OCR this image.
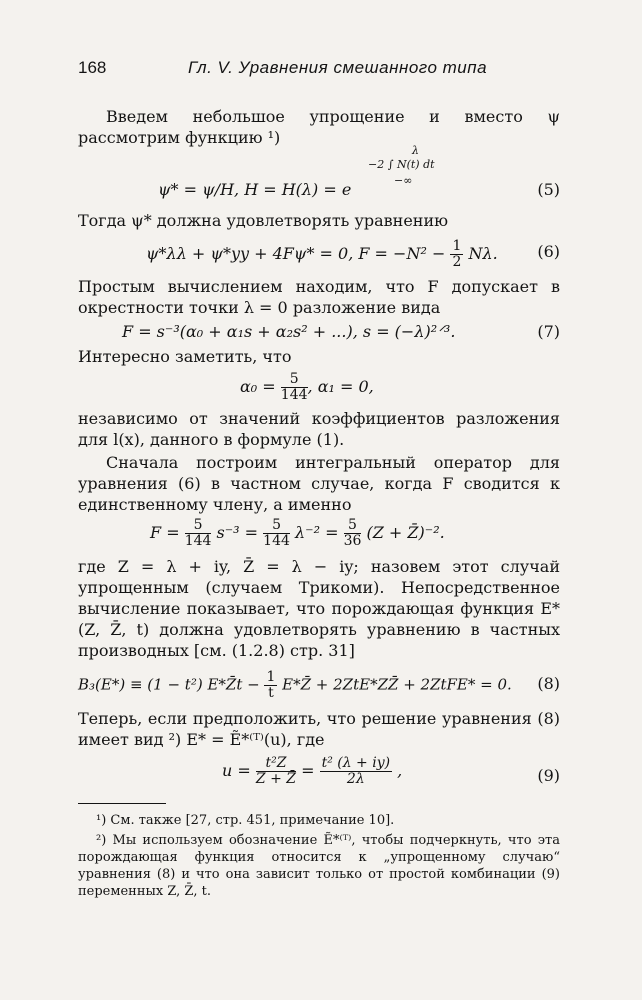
168	Гл. V. Уравнения смешанного типа
Введем небольшое упрощение и вместо ψ рассмотрим функцию ¹)
λ
−2 ∫ N(t) dt
−∞
ψ* = ψ/H, H = H(λ) = e	(5)
Тогда ψ* должна удовлетворять уравнению
ψ*λλ + ψ*yy + 4Fψ* = 0, $F = -N^2 - \frac{1}{2} N\lambda$. (6)
Простым вычислением находим, что F допускает в окрестности точки λ = 0 разложение вида
F = s⁻³(α₀ + α₁s + α₂s² + ...), s = (−λ)²ᐟ³.	(7)
Интересно заметить, что
$\alpha_0 = \frac{5}{144}$ , α₁ = 0,
независимо от значений коэффициентов разложения для l(x), данного в формуле (1).
Сначала построим интегральный оператор для уравнения (6) в частном случае, когда F сводится к единственному члену, а именно
$F = \frac{5}{144} s^{-3} = \frac{5}{144} \lambda^{-2} = \frac{5}{36} (Z$ + Z̄)⁻².
где Z = λ + iy, Z̄ = λ − iy; назовем этот случай упрощенным (случаем Трикоми). Непосредственное вычисление показывает, что порождающая функция E*(Z, Z̄, t) должна удовлетворять уравнению в частных производных [см. (1.2.8) стр. 31]
B₃(E*) ≡ (1 − t²) E*Z̄t − $\frac{1}{t}$ E*Z̄ + 2ZtE*ZZ̄ + 2ZtFE* = 0. (8)
Теперь, если предположить, что решение уравнения (8) имеет вид ²) E* = Ẽ*⁽ᵀ⁾(u), где
$u = \frac{\text{t²Z}}{Z + Z̄} = \frac{\text{t² (λ + iy)}}{2\lambda}$ ,	(9)
¹) См. также [27, стр. 451, примечание 10].
²) Мы используем обозначение Ẽ*⁽ᵀ⁾, чтобы подчеркнуть, что эта порождающая функция относится к „упрощенному случаю“ уравнения (8) и что она зависит только от простой комбинации (9) переменных Z, Z̄, t.
